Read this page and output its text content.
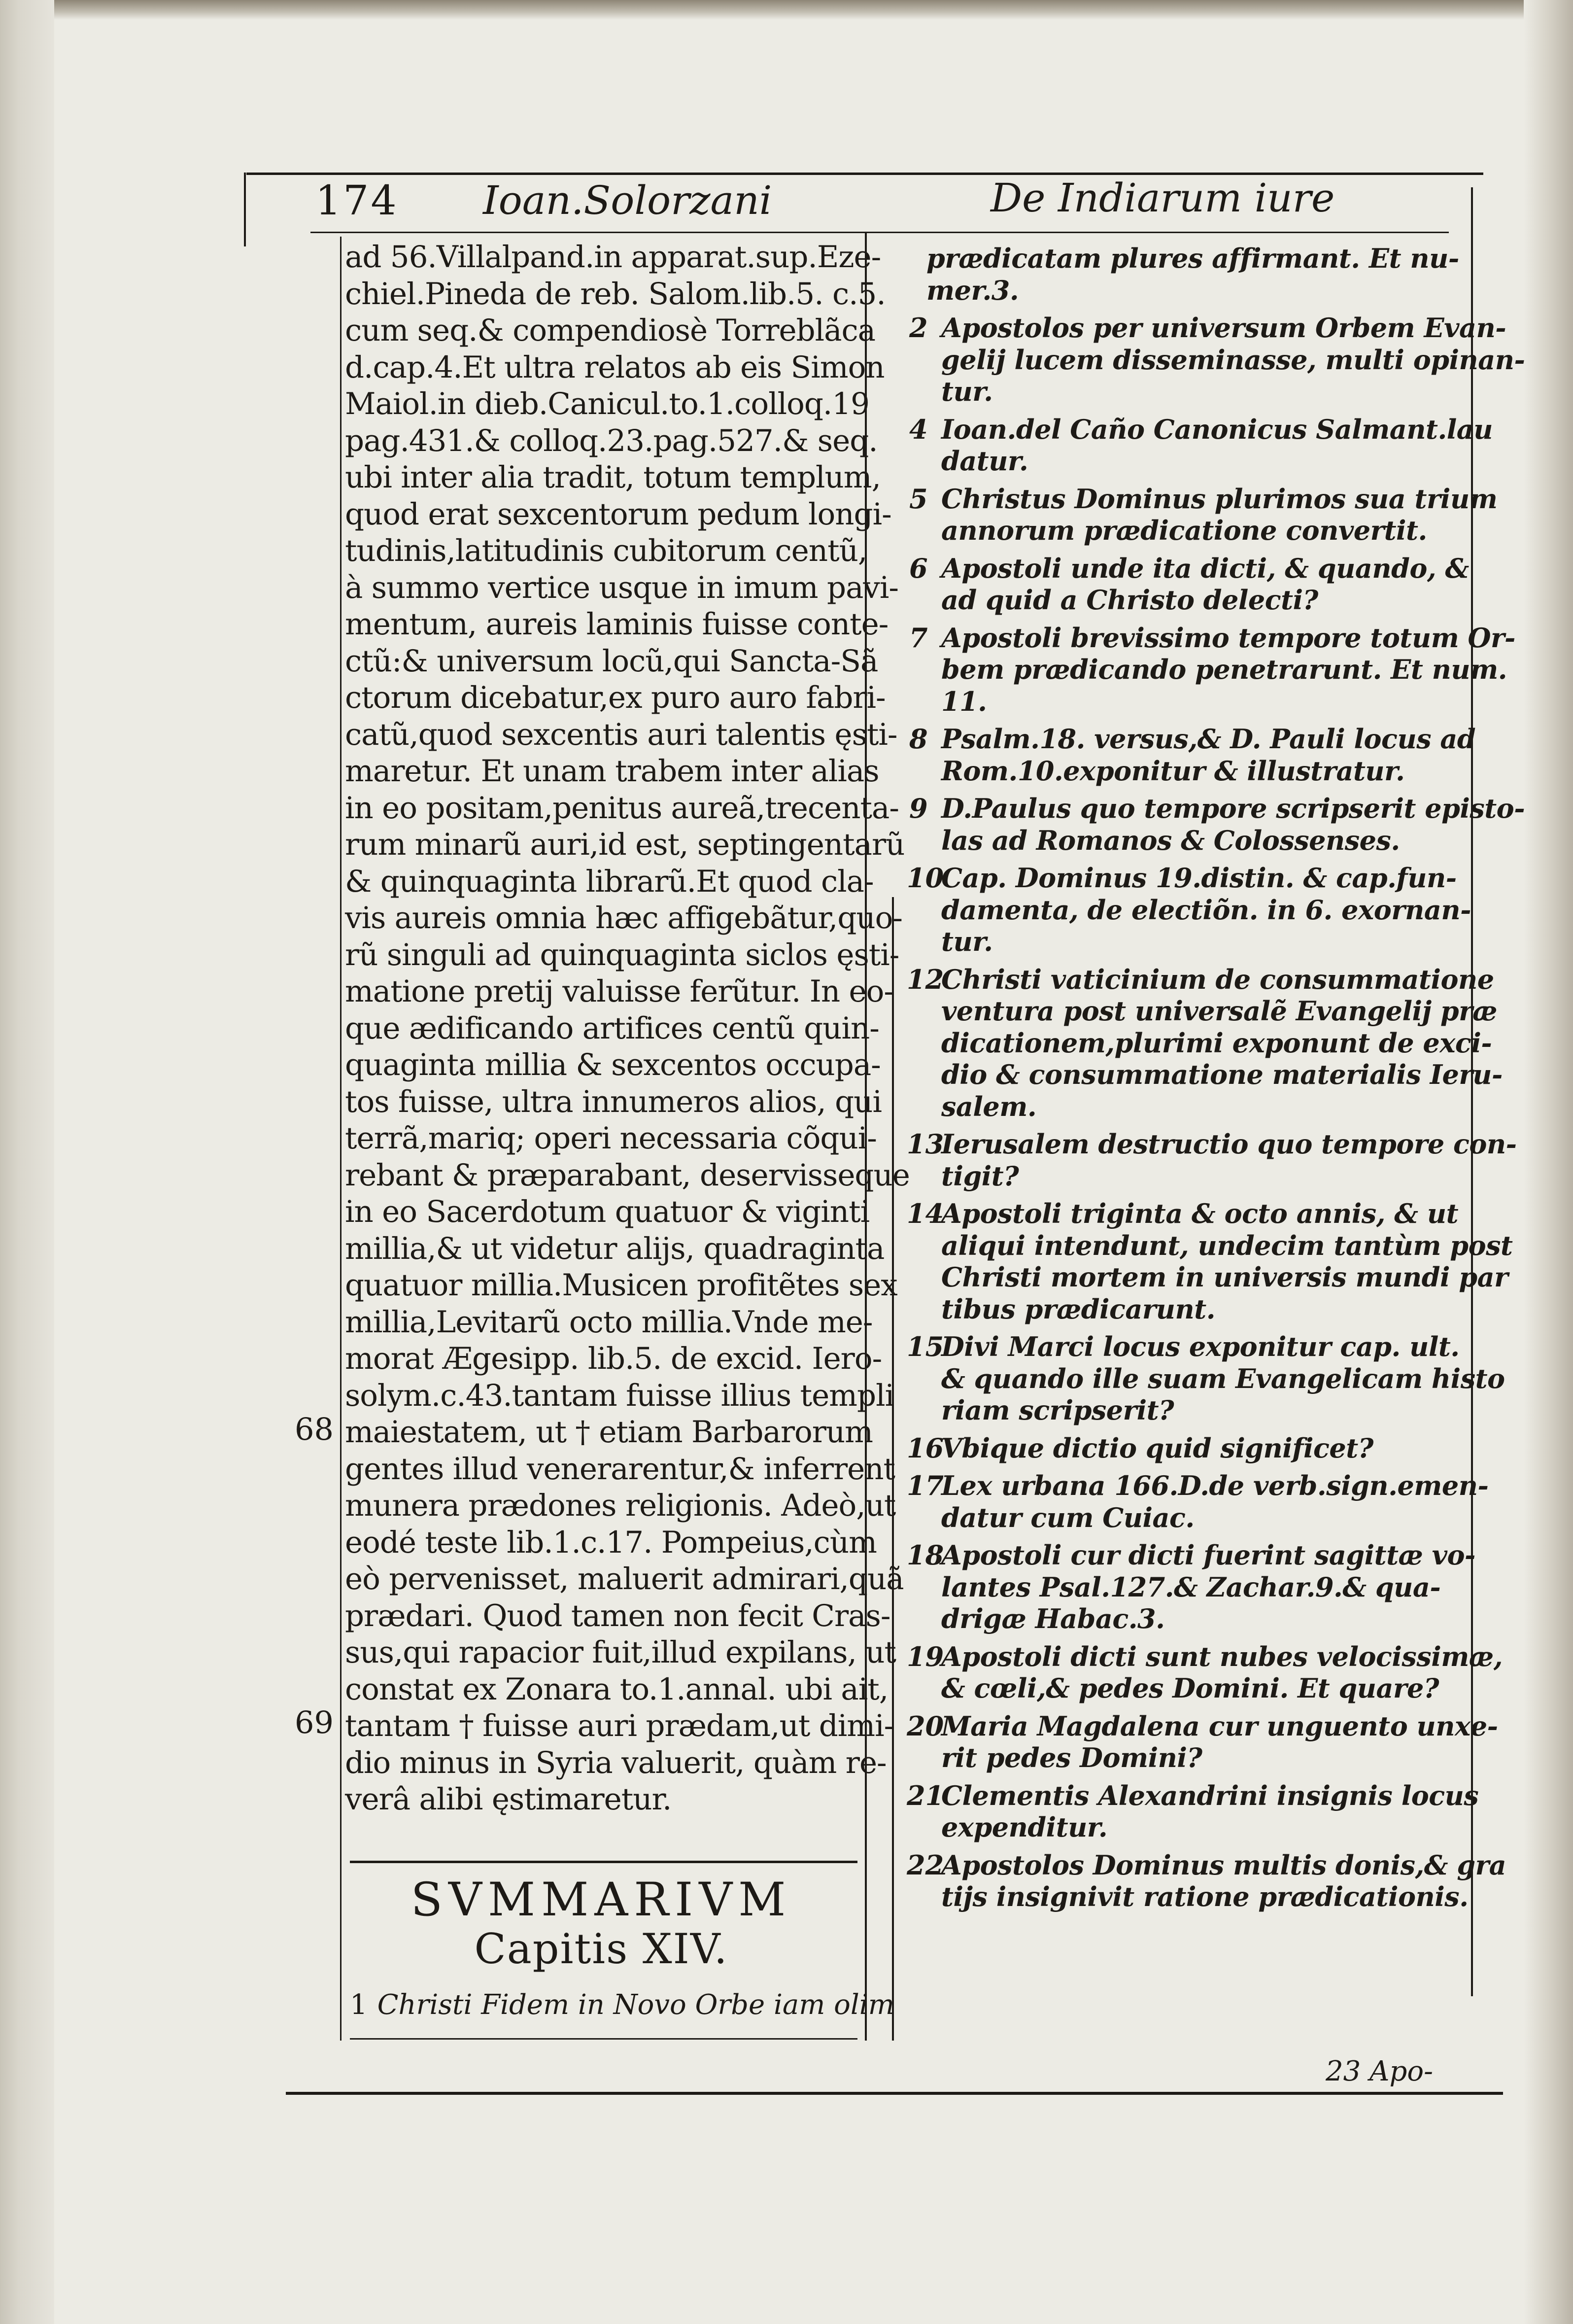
174 Ioan.Solorzani	De Indiarum iure
ad 56.Villalpand.in apparat.sup.Eze-
chiel.Pineda de reb. Salom.lib.5. c.5.
cum seq.& compendiosè Torreblãca
d.cap.4.Et ultra relatos ab eis Simon
Maiol.in dieb.Canicul.to.1.colloq.19
pag.431.& colloq.23.pag.527.& seq.
ubi inter alia tradit, totum templum,
quod erat sexcentorum pedum longi-
tudinis,latitudinis cubitorum centũ,
à summo vertice usque in imum pavi-
mentum, aureis laminis fuisse conte-
ctũ:& universum locũ,qui Sancta-Sã
ctorum dicebatur,ex puro auro fabri-
catũ,quod sexcentis auri talentis ęsti-
maretur. Et unam trabem inter alias
in eo positam,penitus aureã,trecenta-
rum minarũ auri,id est, septingentarũ
& quinquaginta librarũ.Et quod cla-
vis aureis omnia hæc affigebãtur,quo-
rũ singuli ad quinquaginta siclos ęsti-
matione pretij valuisse ferũtur. In eo-
que ædificando artifices centũ quin-
quaginta millia & sexcentos occupa-
tos fuisse, ultra innumeros alios, qui
terrã,mariq; operi necessaria cõqui-
rebant & præparabant, deservisseque
in eo Sacerdotum quatuor & viginti
millia,& ut videtur alijs, quadraginta
quatuor millia.Musicen profitẽtes sex
millia,Levitarũ octo millia.Vnde me-
morat Ægesipp. lib.5. de excid. Iero-
solym.c.43.tantam fuisse illius templi
maiestatem, ut † etiam Barbarorum
gentes illud venerarentur,& inferrent
munera prædones religionis. Adeò,ut
eodé teste lib.1.c.17. Pompeius,cùm
eò pervenisset, maluerit admirari,quã
prædari. Quod tamen non fecit Cras-
sus,qui rapacior fuit,illud expilans, ut
constat ex Zonara to.1.annal. ubi ait,
tantam † fuisse auri prædam,ut dimi-
dio minus in Syria valuerit, quàm re-
verâ alibi ęstimaretur.
68
69
SVMMARIVM
Capitis XIV.
1 Christi Fidem in Novo Orbe iam olim
prædicatam plures affirmant. Et nu-
mer.3.
2 Apostolos per universum Orbem Evan-
gelij lucem disseminasse, multi opinan-
tur.
4 Ioan.del Caño Canonicus Salmant.lau
datur.
5 Christus Dominus plurimos sua trium
annorum prædicatione convertit.
6 Apostoli unde ita dicti, & quando, &
ad quid a Christo delecti?
7 Apostoli brevissimo tempore totum Or-
bem prædicando penetrarunt. Et num.
11.
8 Psalm.18. versus,& D. Pauli locus ad
Rom.10.exponitur & illustratur.
9 D.Paulus quo tempore scripserit episto-
las ad Romanos & Colossenses.
10
Cap. Dominus 19.distin. & cap.fun-
damenta, de electiõn. in 6. exornan-
tur.
12
Christi vaticinium de consummatione
ventura post universalẽ Evangelij præ
dicationem,plurimi exponunt de exci-
dio & consummatione materialis Ieru-
salem.
13
Ierusalem destructio quo tempore con-
tigit?
14
Apostoli triginta & octo annis, & ut
aliqui intendunt, undecim tantùm post
Christi mortem in universis mundi par
tibus prædicarunt.
15
Divi Marci locus exponitur cap. ult.
& quando ille suam Evangelicam histo
riam scripserit?
16
Vbique dictio quid significet?
17
Lex urbana 166.D.de verb.sign.emen-
datur cum Cuiac.
18
Apostoli cur dicti fuerint sagittæ vo-
lantes Psal.127.& Zachar.9.& qua-
drigæ Habac.3.
19
Apostoli dicti sunt nubes velocissimæ,
& cœli,& pedes Domini. Et quare?
20
Maria Magdalena cur unguento unxe-
rit pedes Domini?
21
Clementis Alexandrini insignis locus
expenditur.
22
Apostolos Dominus multis donis,& gra
tijs insignivit ratione prædicationis.
23 Apo-
